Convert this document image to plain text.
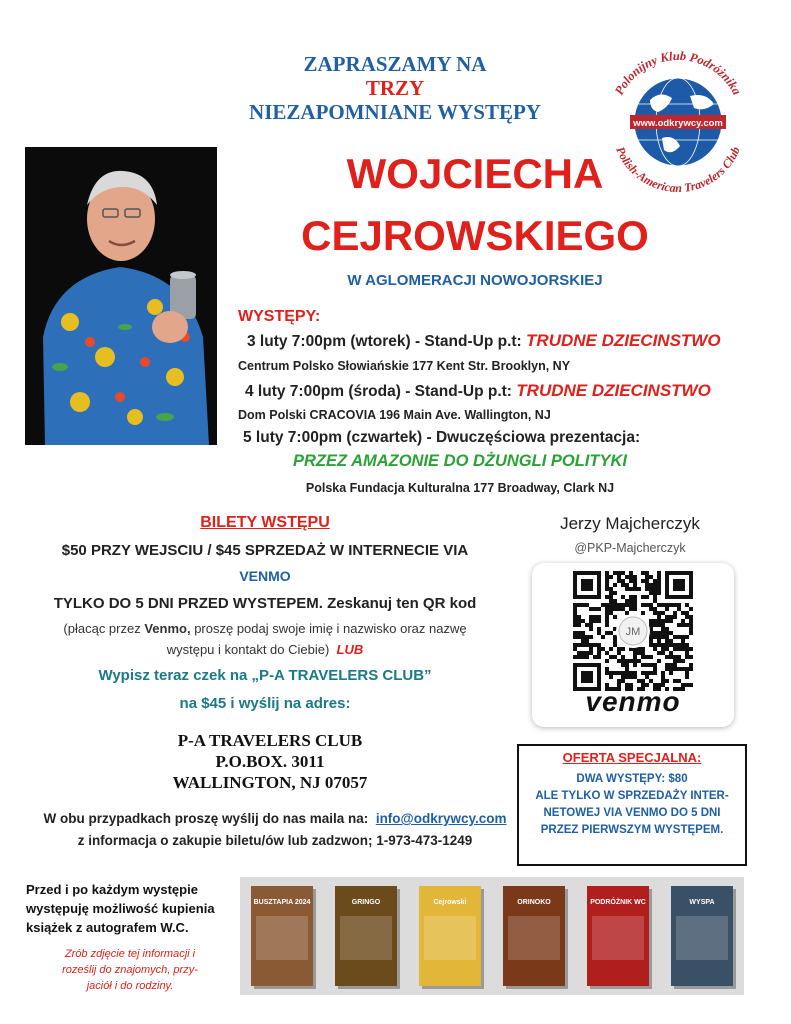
ZAPRASZAMY NA
TRZY
NIEZAPOMNIANE WYSTĘPY
Polonijny Klub Podróżnika
Polish-American Travelers Club
www.odkrywcy.com
WOJCIECHA
CEJROWSKIEGO
W AGLOMERACJI NOWOJORSKIEJ
WYSTĘPY:
3 luty 7:00pm (wtorek) - Stand-Up p.t: TRUDNE DZIECINSTWO
Centrum Polsko Słowiańskie 177 Kent Str. Brooklyn, NY
4 luty 7:00pm (środa) - Stand-Up p.t: TRUDNE DZIECINSTWO
Dom Polski CRACOVIA 196 Main Ave. Wallington, NJ
5 luty 7:00pm (czwartek) - Dwuczęściowa prezentacja:
PRZEZ AMAZONIE DO DŻUNGLI POLITYKI
Polska Fundacja Kulturalna 177 Broadway, Clark NJ
BILETY WSTĘPU
$50 PRZY WEJSCIU / $45 SPRZEDAŻ W INTERNECIE VIA
VENMO
TYLKO DO 5 DNI PRZED WYSTEPEM. Zeskanuj ten QR kod
(płacąc przez Venmo, proszę podaj swoje imię i nazwisko oraz nazwę
występu i kontakt do Ciebie) LUB
Wypisz teraz czek na „P-A TRAVELERS CLUB”
na $45 i wyślij na adres:
P-A TRAVELERS CLUB
P.O.BOX. 3011
WALLINGTON, NJ 07057
W obu przypadkach proszę wyślij do nas maila na: info@odkrywcy.com
z informacja o zakupie biletu/ów lub zadzwon; 1-973-473-1249
Jerzy Majcherczyk
@PKP-Majcherczyk
JM
venmo
OFERTA SPECJALNA:
DWA WYSTĘPY: $80
ALE TYLKO W SPRZEDAŻY INTER-
NETOWEJ VIA VENMO DO 5 DNI
PRZEZ PIERWSZYM WYSTĘPEM.
Przed i po każdym występie
występuję możliwość kupienia
książek z autografem W.C.
Zrób zdjęcie tej informacji i
roześlij do znajomych, przy-
jaciół i do rodziny.
BUSZTAPIA 2024	GRINGO	Cejrowski	ORINOKO	PODRÓŻNIK WC	WYSPA
